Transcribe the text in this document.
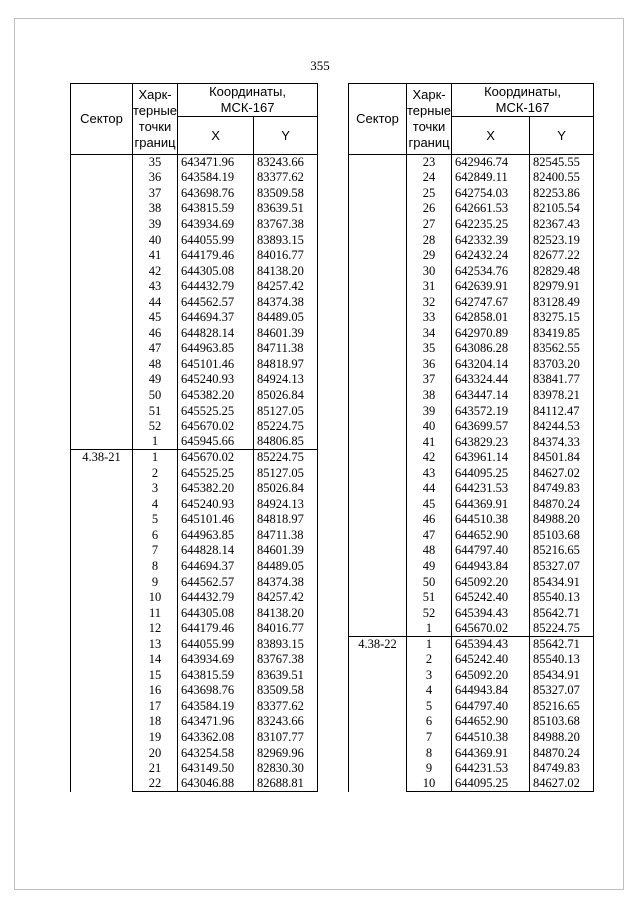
355
Сектор	Харк-
терные
точки
границ	Координаты,
МСК-167	
		X	Y
	35	643471.96	83243.66
	36	643584.19	83377.62
	37	643698.76	83509.58
	38	643815.59	83639.51
	39	643934.69	83767.38
	40	644055.99	83893.15
	41	644179.46	84016.77
	42	644305.08	84138.20
	43	644432.79	84257.42
	44	644562.57	84374.38
	45	644694.37	84489.05
	46	644828.14	84601.39
	47	644963.85	84711.38
	48	645101.46	84818.97
	49	645240.93	84924.13
	50	645382.20	85026.84
	51	645525.25	85127.05
	52	645670.02	85224.75
	1	645945.66	84806.85
4.38-21	1	645670.02	85224.75
	2	645525.25	85127.05
	3	645382.20	85026.84
	4	645240.93	84924.13
	5	645101.46	84818.97
	6	644963.85	84711.38
	7	644828.14	84601.39
	8	644694.37	84489.05
	9	644562.57	84374.38
	10	644432.79	84257.42
	11	644305.08	84138.20
	12	644179.46	84016.77
	13	644055.99	83893.15
	14	643934.69	83767.38
	15	643815.59	83639.51
	16	643698.76	83509.58
	17	643584.19	83377.62
	18	643471.96	83243.66
	19	643362.08	83107.77
	20	643254.58	82969.96
	21	643149.50	82830.30
	22	643046.88	82688.81
Сектор	Харк-
терные
точки
границ	Координаты,
МСК-167	
		X	Y
	23	642946.74	82545.55
	24	642849.11	82400.55
	25	642754.03	82253.86
	26	642661.53	82105.54
	27	642235.25	82367.43
	28	642332.39	82523.19
	29	642432.24	82677.22
	30	642534.76	82829.48
	31	642639.91	82979.91
	32	642747.67	83128.49
	33	642858.01	83275.15
	34	642970.89	83419.85
	35	643086.28	83562.55
	36	643204.14	83703.20
	37	643324.44	83841.77
	38	643447.14	83978.21
	39	643572.19	84112.47
	40	643699.57	84244.53
	41	643829.23	84374.33
	42	643961.14	84501.84
	43	644095.25	84627.02
	44	644231.53	84749.83
	45	644369.91	84870.24
	46	644510.38	84988.20
	47	644652.90	85103.68
	48	644797.40	85216.65
	49	644943.84	85327.07
	50	645092.20	85434.91
	51	645242.40	85540.13
	52	645394.43	85642.71
	1	645670.02	85224.75
4.38-22	1	645394.43	85642.71
	2	645242.40	85540.13
	3	645092.20	85434.91
	4	644943.84	85327.07
	5	644797.40	85216.65
	6	644652.90	85103.68
	7	644510.38	84988.20
	8	644369.91	84870.24
	9	644231.53	84749.83
	10	644095.25	84627.02
